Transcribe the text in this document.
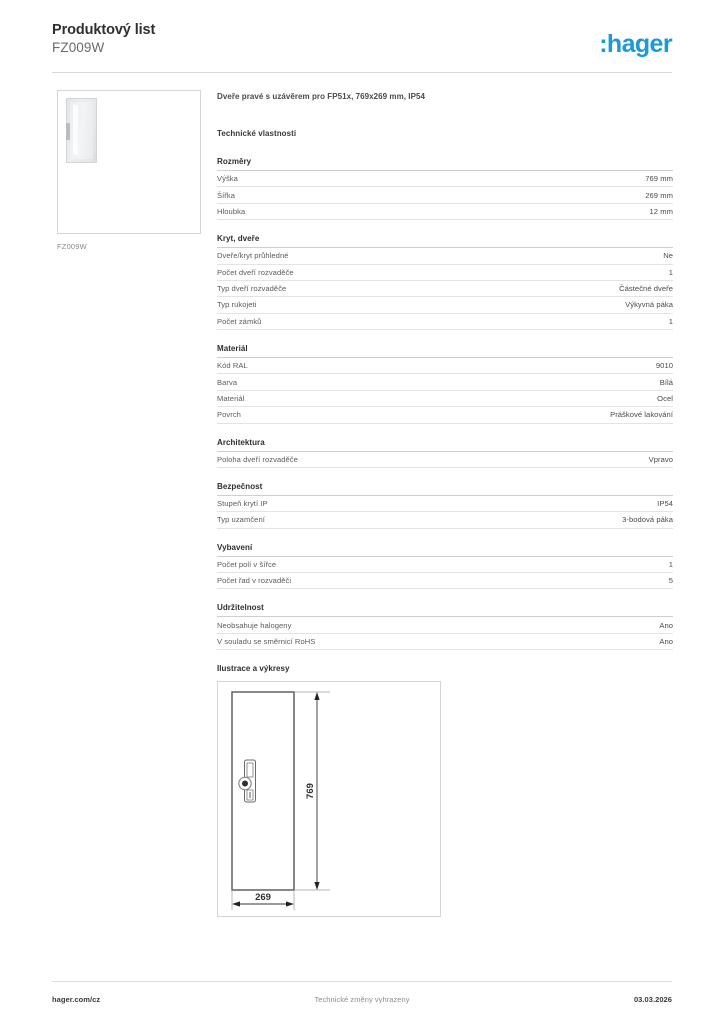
Produktový list
FZ009W	:hager
FZ009W
Dveře pravé s uzávěrem pro FP51x, 769x269 mm, IP54
Technické vlastnosti
Rozměry
Výška	769 mm
Šířka	269 mm
Hloubka	12 mm
Kryt, dveře
Dveře/kryt průhledné	Ne
Počet dveří rozvaděče	1
Typ dveří rozvaděče	Částečné dveře
Typ rukojeti	Výkyvná páka
Počet zámků	1
Materiál
Kód RAL	9010
Barva	Bílá
Materiál	Ocel
Povrch	Práškové lakování
Architektura
Poloha dveří rozvaděče	Vpravo
Bezpečnost
Stupeň krytí IP	IP54
Typ uzamčení	3-bodová páka
Vybavení
Počet polí v šířce	1
Počet řad v rozvaděči	5
Udržitelnost
Neobsahuje halogeny	Ano
V souladu se směrnicí RoHS	Ano
Ilustrace a výkresy
769
269
Technické změny vyhrazeny
hager.com/cz	03.03.2026
